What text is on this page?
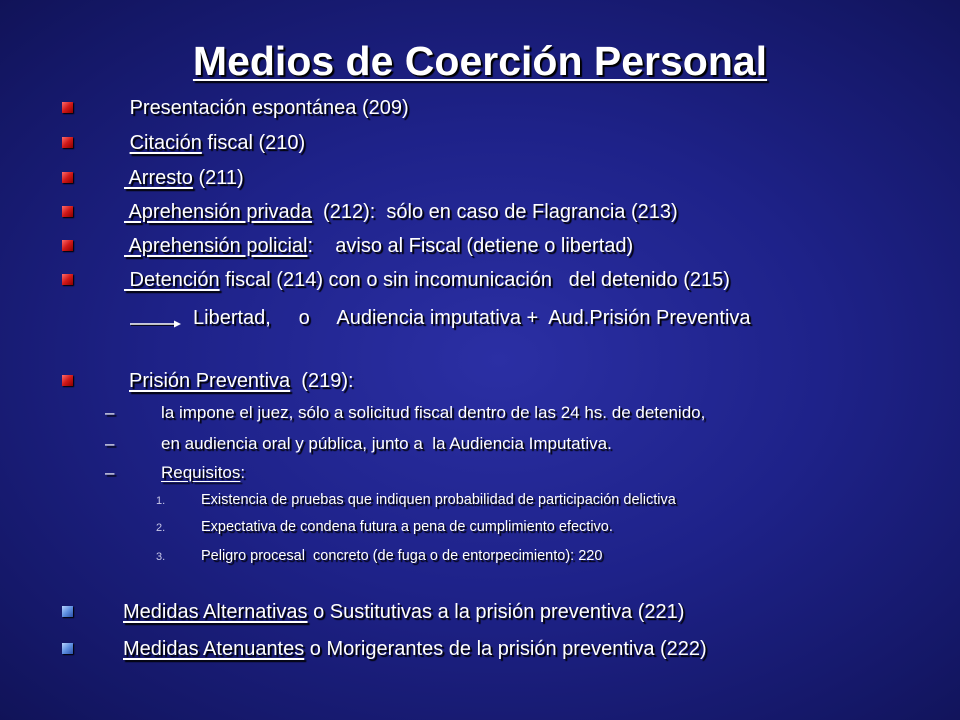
Medios de Coerción Personal
Presentación espontánea (209)
Citación fiscal (210)
Arresto (211)
Aprehensión privada  (212):  sólo en caso de Flagrancia (213)
Aprehensión policial:    aviso al Fiscal (detiene o libertad)
Detención fiscal (214) con o sin incomunicación   del detenido (215)
Libertad,     o     Audiencia imputativa +  Aud.Prisión Preventiva
Prisión Preventiva  (219):
–	la impone el juez, sólo a solicitud fiscal dentro de las 24 hs. de detenido,
–	en audiencia oral y pública, junto a  la Audiencia Imputativa.
–	Requisitos:
1. Existencia de pruebas que indiquen probabilidad de participación delictiva
2. Expectativa de condena futura a pena de cumplimiento efectivo.
3. Peligro procesal  concreto (de fuga o de entorpecimiento): 220
Medidas Alternativas o Sustitutivas a la prisión preventiva (221)
Medidas Atenuantes o Morigerantes de la prisión preventiva (222)
